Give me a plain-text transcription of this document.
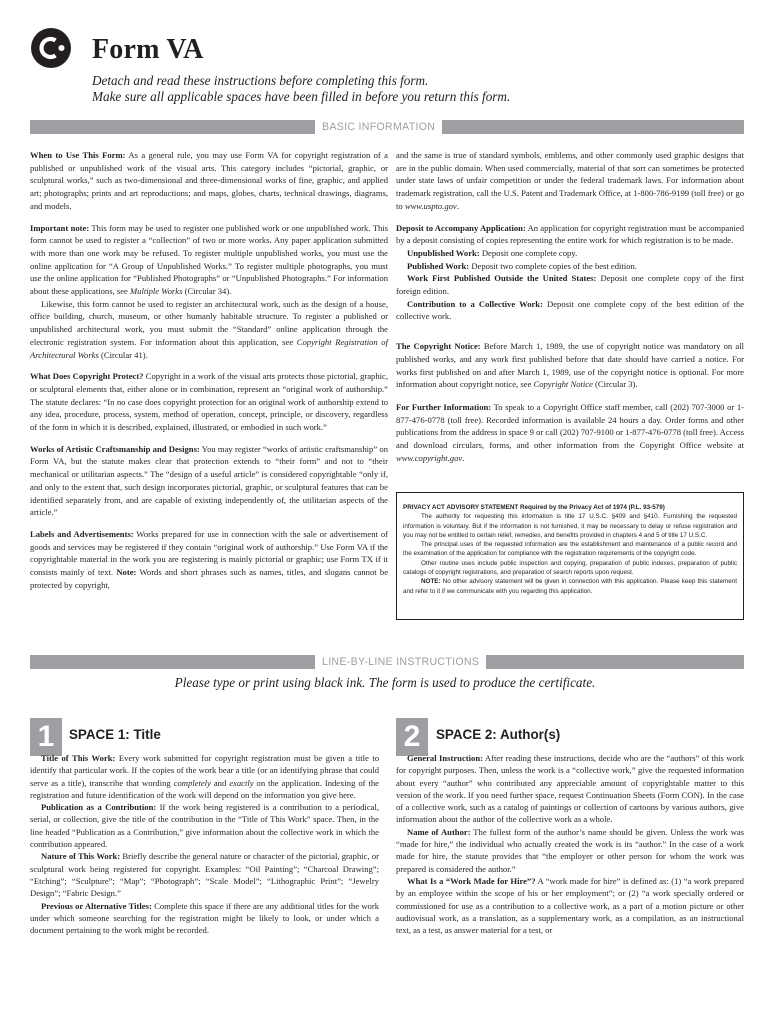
Form VA
Detach and read these instructions before completing this form.
Make sure all applicable spaces have been filled in before you return this form.
BASIC INFORMATION

When to Use This Form: As a general rule, you may use Form VA for copyright registration of a published or unpublished work of the visual arts. This category includes “pictorial, graphic, or sculptural works,” such as two-dimensional and three-dimensional works of fine, graphic, and applied art; photographs; prints and art reproductions; and maps, globes, charts, technical drawings, diagrams, and models.

Important note: This form may be used to register one published work or one unpublished work. This form cannot be used to register a “collection” of two or more works. Any paper application submitted with more than one work may be refused. To register multiple unpublished works, you must use the online application for “A Group of Unpublished Works.” To register multiple photographs, you must use the online application for “Published Photographs” or “Unpublished Photographs.” For information about these applications, see Multiple Works (Circular 34).

Likewise, this form cannot be used to register an architectural work, such as the design of a house, office building, church, museum, or other humanly habitable structure. To register a published or unpublished architectural work, you must submit the “Standard” online application through the electronic registration system. For information about this application, see Copyright Registration of Architectural Works (Circular 41).

What Does Copyright Protect? Copyright in a work of the visual arts protects those pictorial, graphic, or sculptural elements that, either alone or in combination, represent an “original work of authorship.” The statute declares: “In no case does copyright protection for an original work of authorship extend to any idea, procedure, process, system, method of operation, concept, principle, or discovery, regardless of the form in which it is described, explained, illustrated, or embodied in such work.”

Works of Artistic Craftsmanship and Designs: You may register “works of artistic craftsmanship” on Form VA, but the statute makes clear that protection extends to “their form” and not to “their mechanical or utilitarian aspects.” The “design of a useful article” is considered copyrightable “only if, and only to the extent that, such design incorporates pictorial, graphic, or sculptural features that can be identified separately from, and are capable of existing independently of, the utilitarian aspects of the article.”

Labels and Advertisements: Works prepared for use in connection with the sale or advertisement of goods and services may be registered if they contain “original work of authorship.” Use Form VA if the copyrightable material in the work you are registering is mainly pictorial or graphic; use Form TX if it consists mainly of text. Note: Words and short phrases such as names, titles, and slogans cannot be protected by copyright,

and the same is true of standard symbols, emblems, and other commonly used graphic designs that are in the public domain. When used commercially, material of that sort can sometimes be protected under state laws of unfair competition or under the federal trademark laws. For information about trademark registration, call the U.S. Patent and Trademark Office, at 1-800-786-9199 (toll free) or go to www.uspto.gov.

Deposit to Accompany Application: An application for copyright registration must be accompanied by a deposit consisting of copies representing the entire work for which registration is to be made.

Unpublished Work: Deposit one complete copy.

Published Work: Deposit two complete copies of the best edition.

Work First Published Outside the United States: Deposit one complete copy of the first foreign edition.

Contribution to a Collective Work: Deposit one complete copy of the best edition of the collective work.

The Copyright Notice: Before March 1, 1989, the use of copyright notice was mandatory on all published works, and any work first published before that date should have carried a notice. For works first published on and after March 1, 1989, use of the copyright notice is optional. For more information about copyright notice, see Copyright Notice (Circular 3).

For Further Information: To speak to a Copyright Office staff member, call (202) 707-3000 or 1-877-476-0778 (toll free). Recorded information is available 24 hours a day. Order forms and other publications from the address in space 9 or call (202) 707-9100 or 1-877-476-0778 (toll free). Access and download circulars, forms, and other information from the Copyright Office website at www.copyright.gov.

PRIVACY ACT ADVISORY STATEMENT Required by the Privacy Act of 1974 (P.L. 93-579)

The authority for requesting this information is title 17 U.S.C. §409 and §410. Furnishing the requested information is voluntary. But if the information is not furnished, it may be necessary to delay or refuse registration and you may not be entitled to certain relief, remedies, and benefits provided in chapters 4 and 5 of title 17 U.S.C.

The principal uses of the requested information are the establishment and maintenance of a public record and the examination of the application for compliance with the registration requirements of the copyright code.

Other routine uses include public inspection and copying, preparation of public indexes, preparation of public catalogs of copyright registrations, and preparation of search reports upon request.

NOTE: No other advisory statement will be given in connection with this application. Please keep this statement and refer to it if we communicate with you regarding this application.

LINE-BY-LINE INSTRUCTIONS
Please type or print using black ink. The form is used to produce the certificate.
1	SPACE 1: Title

Title of This Work: Every work submitted for copyright registration must be given a title to identify that particular work. If the copies of the work bear a title (or an identifying phrase that could serve as a title), transcribe that wording completely and exactly on the application. Indexing of the registration and future identification of the work will depend on the information you give here.

Publication as a Contribution: If the work being registered is a contribution to a periodical, serial, or collection, give the title of the contribution in the “Title of This Work” space. Then, in the line headed “Publication as a Contribution,” give information about the collective work in which the contribution appeared.

Nature of This Work: Briefly describe the general nature or character of the pictorial, graphic, or sculptural work being registered for copyright. Examples: “Oil Painting”; “Charcoal Drawing”; “Etching”; “Sculpture”; “Map”; “Photograph”; “Scale Model”; “Lithographic Print”; “Jewelry Design”; “Fabric Design.”

Previous or Alternative Titles: Complete this space if there are any additional titles for the work under which someone searching for the registration might be likely to look, or under which a document pertaining to the work might be recorded.

2	SPACE 2: Author(s)

General Instruction: After reading these instructions, decide who are the “authors” of this work for copyright purposes. Then, unless the work is a “collective work,” give the requested information about every “author” who contributed any appreciable amount of copyrightable matter to this version of the work. If you need further space, request Continuation Sheets (Form CON). In the case of a collective work, such as a catalog of paintings or collection of cartoons by various authors, give information about the author of the collective work as a whole.

Name of Author: The fullest form of the author’s name should be given. Unless the work was “made for hire,” the individual who actually created the work is its “author.” In the case of a work made for hire, the statute provides that “the employer or other person for whom the work was prepared is considered the author.”

What Is a “Work Made for Hire”? A “work made for hire” is defined as: (1) “a work prepared by an employee within the scope of his or her employment”; or (2) “a work specially ordered or commissioned for use as a contribution to a collective work, as a part of a motion picture or other audiovisual work, as a translation, as a supplementary work, as a compilation, as an instructional text, as a test, as answer material for a test, or
